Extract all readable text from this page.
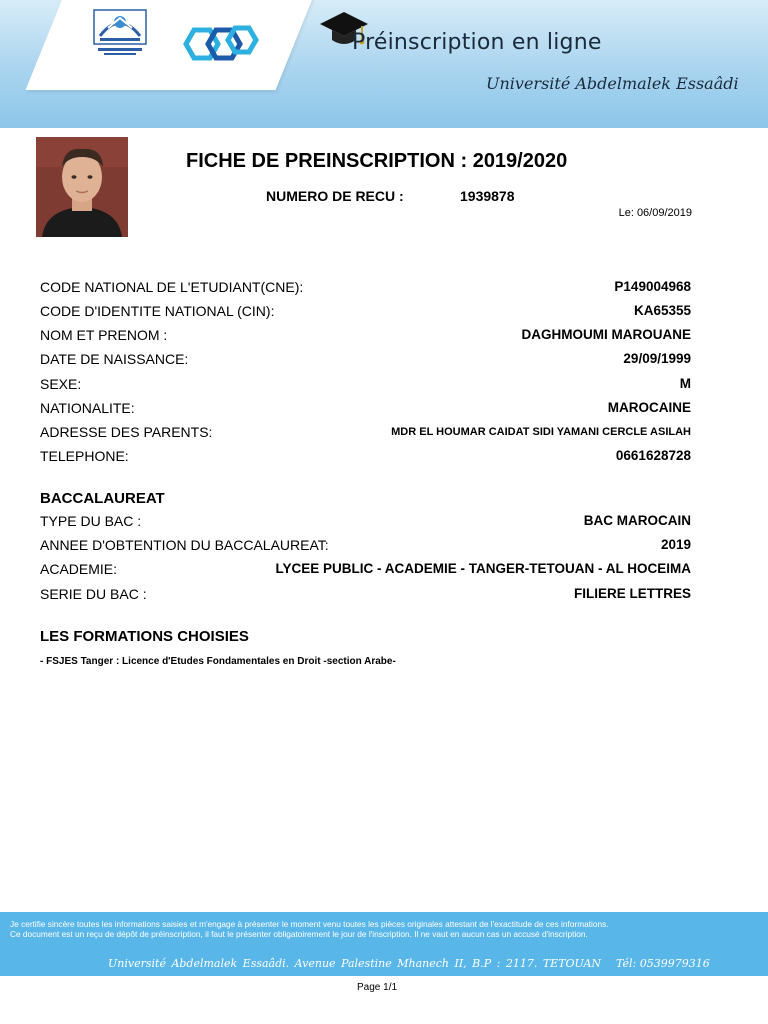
Préinscription en ligne
Université Abdelmalek Essaâdi
FICHE DE PREINSCRIPTION : 2019/2020
NUMERO DE RECU :	1939878
Le: 06/09/2019
CODE NATIONAL DE L'ETUDIANT(CNE):	P149004968
CODE D'IDENTITE NATIONAL (CIN):	KA65355
NOM ET PRENOM :	DAGHMOUMI MAROUANE
DATE DE NAISSANCE:	29/09/1999
SEXE:	M
NATIONALITE:	MAROCAINE
ADRESSE DES PARENTS:	MDR EL HOUMAR CAIDAT SIDI YAMANI CERCLE ASILAH
TELEPHONE:	0661628728
BACCALAUREAT
TYPE DU BAC :	BAC MAROCAIN
ANNEE D'OBTENTION DU BACCALAUREAT:	2019
ACADEMIE:	LYCEE PUBLIC - ACADEMIE - TANGER-TETOUAN - AL HOCEIMA
SERIE DU BAC :	FILIERE LETTRES
LES FORMATIONS CHOISIES
- FSJES Tanger : Licence d'Etudes Fondamentales en Droit -section Arabe-
Je certifie sincère toutes les informations saisies et m'engage à présenter le moment venu toutes les pièces originales attestant de l'exactitude de ces informations.
Ce document est un reçu de dépôt de préinscription, il faut le présenter obligatoirement le jour de l'inscription. Il ne vaut en aucun cas un accusé d'inscription.
Université Abdelmalek Essaâdi. Avenue Palestine Mhanech II, B.P : 2117. TETOUAN Tél: 0539979316
Page 1/1
